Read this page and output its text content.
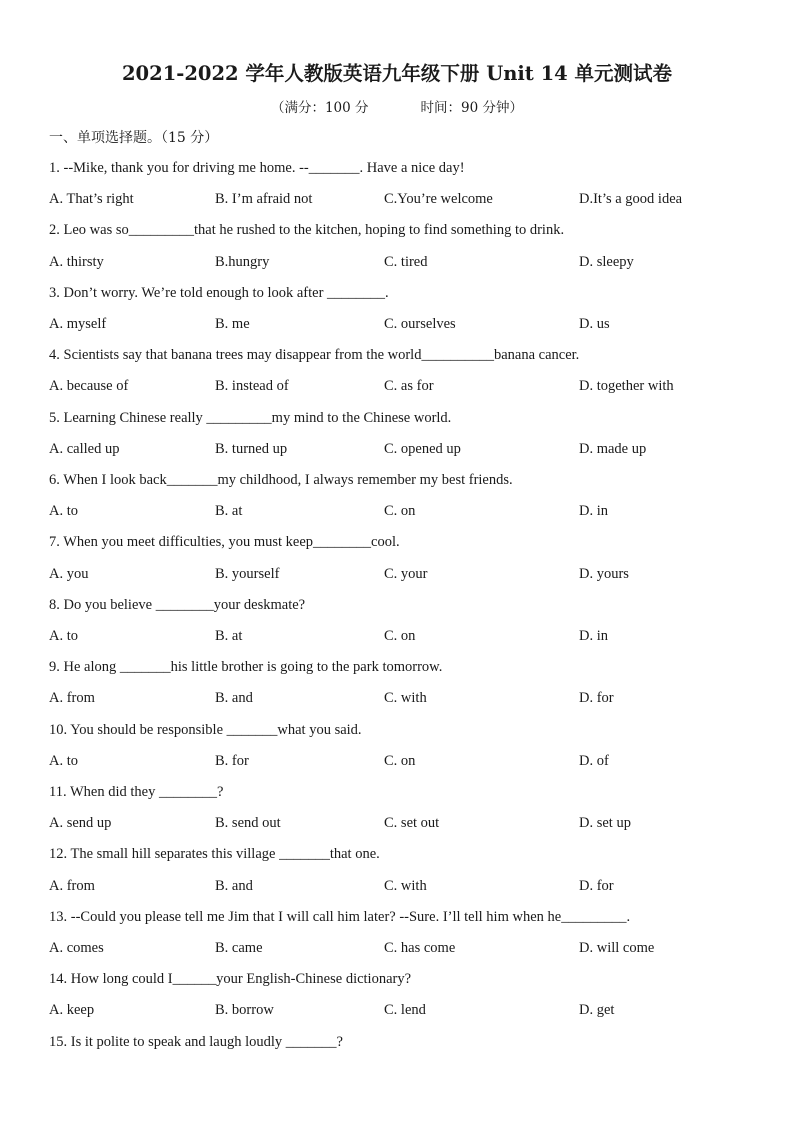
2021-2022 学年人教版英语九年级下册 Unit 14 单元测试卷
（满分：100 分	时间：90 分钟）
一、单项选择题。（15 分）
1. --Mike, thank you for driving me home. --_______. Have a nice day!
A. That’s right	B. I’m afraid not	C.You’re welcome	D.It’s a good idea
2. Leo was so_________that he rushed to the kitchen, hoping to find something to drink.
A. thirsty	B.hungry	C. tired	D. sleepy
3. Don’t worry. We’re told enough to look after ________.
A. myself	B. me	C. ourselves	D. us
4. Scientists say that banana trees may disappear from the world__________banana cancer.
A. because of	B. instead of	C. as for	D. together with
5. Learning Chinese really _________my mind to the Chinese world.
A. called up	B. turned up	C. opened up	D. made up
6. When I look back_______my childhood, I always remember my best friends.
A. to	B. at	C. on	D. in
7. When you meet difficulties, you must keep________cool.
A. you	B. yourself	C. your	D. yours
8. Do you believe ________your deskmate?
A. to	B. at	C. on	D. in
9. He along _______his little brother is going to the park tomorrow.
A. from	B. and	C. with	D. for
10. You should be responsible _______what you said.
A. to	B. for	C. on	D. of
11. When did they ________?
A. send up	B. send out	C. set out	D. set up
12. The small hill separates this village _______that one.
A. from	B. and	C. with	D. for
13. --Could you please tell me Jim that I will call him later? --Sure. I’ll tell him when he_________.
A. comes	B. came	C. has come	D. will come
14. How long could I______your English-Chinese dictionary?
A. keep	B. borrow	C. lend	D. get
15. Is it polite to speak and laugh loudly _______?
